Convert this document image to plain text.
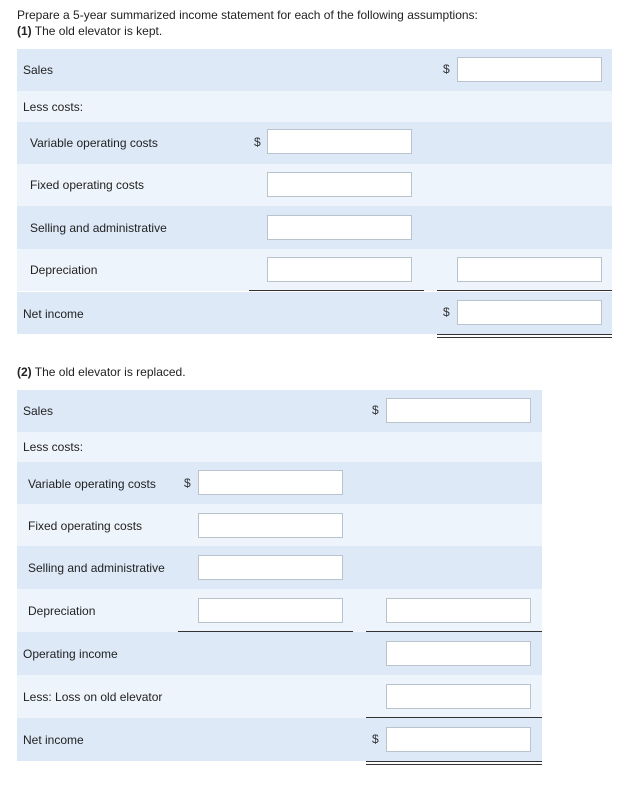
Prepare a 5-year summarized income statement for each of the following assumptions:
(1) The old elevator is kept.
Sales	$
Less costs:
Variable operating costs	$
Fixed operating costs
Selling and administrative
Depreciation
Net income	$
(2) The old elevator is replaced.
Sales	$
Less costs:
Variable operating costs $
Fixed operating costs
Selling and administrative
Depreciation
Operating income
Less: Loss on old elevator
Net income	$
